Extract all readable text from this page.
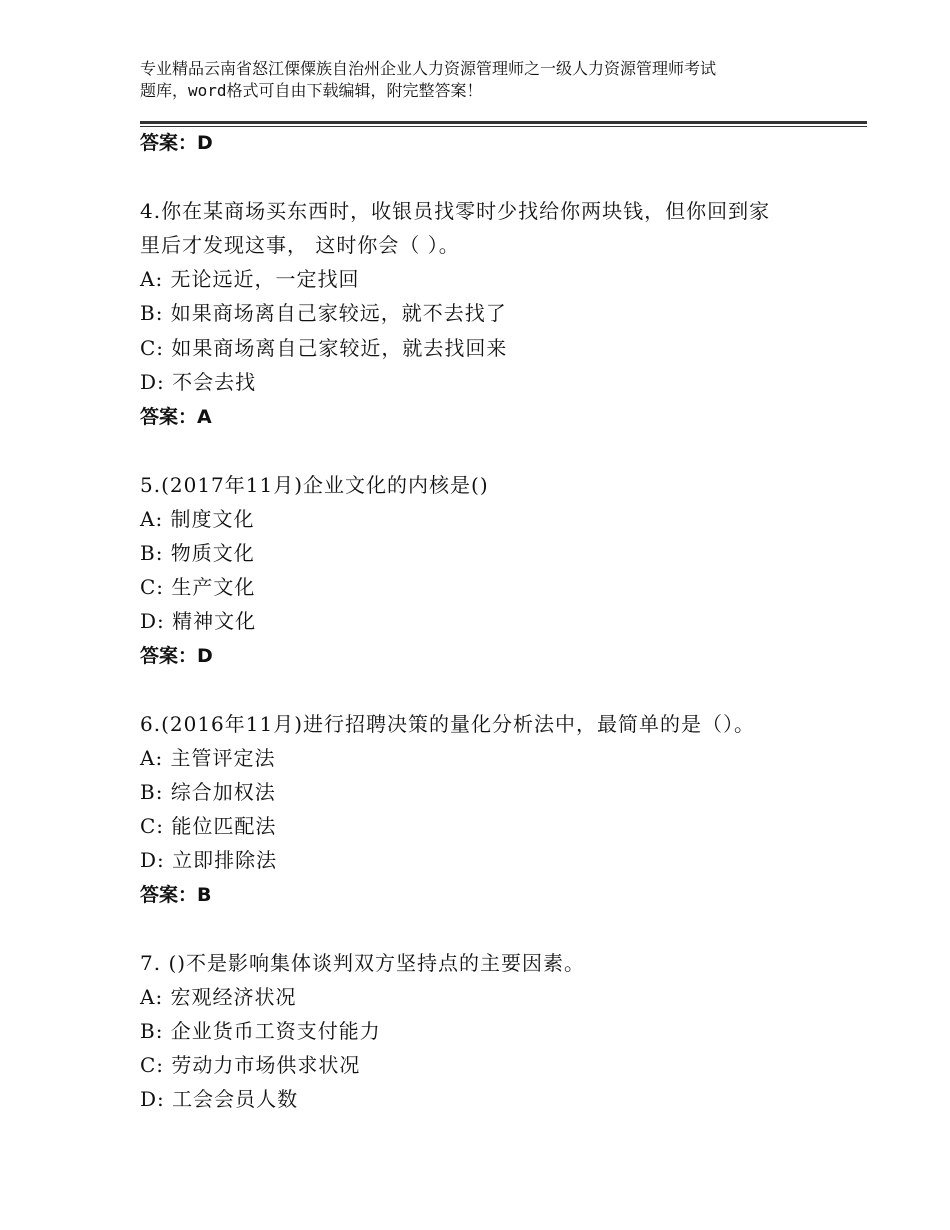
专业精品云南省怒江傈僳族自治州企业人力资源管理师之一级人力资源管理师考试
题库，word格式可自由下载编辑，附完整答案！
答案：D
4.你在某商场买东西时，收银员找零时少找给你两块钱，但你回到家
里后才发现这事， 这时你会（ ）。
A: 无论远近，一定找回
B: 如果商场离自己家较远，就不去找了
C: 如果商场离自己家较近，就去找回来
D: 不会去找
答案：A
5.(2017年11月)企业文化的内核是()
A: 制度文化
B: 物质文化
C: 生产文化
D: 精神文化
答案：D
6.(2016年11月)进行招聘决策的量化分析法中，最简单的是（）。
A: 主管评定法
B: 综合加权法
C: 能位匹配法
D: 立即排除法
答案：B
7. ()不是影响集体谈判双方坚持点的主要因素。
A: 宏观经济状况
B: 企业货币工资支付能力
C: 劳动力市场供求状况
D: 工会会员人数
